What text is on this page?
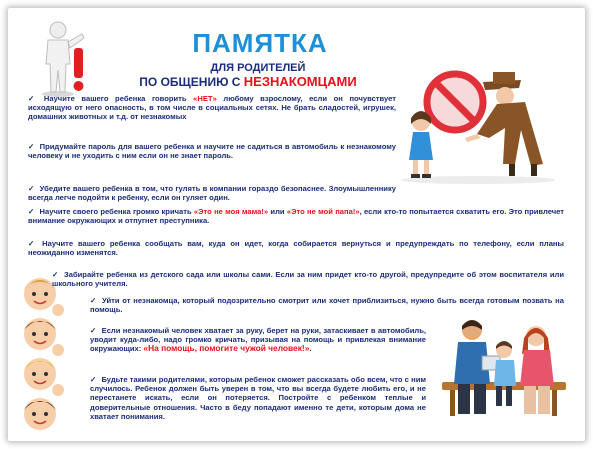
ПАМЯТКА
ДЛЯ РОДИТЕЛЕЙ
ПО ОБЩЕНИЮ С НЕЗНАКОМЦАМИ
✓ Научите вашего ребенка говорить «НЕТ» любому взрослому, если он почувствует исходящую от него опасность, в том числе в социальных сетях. Не брать сладостей, игрушек, домашних животных и т.д. от незнакомых
✓ Придумайте пароль для вашего ребенка и научите не садиться в автомобиль к незнакомому человеку и не уходить с ним если он не знает пароль.
✓ Убедите вашего ребенка в том, что гулять в компании гораздо безопаснее. Злоумышленнику всегда легче подойти к ребенку, если он гуляет один.
✓ Научите своего ребенка громко кричать «Это не моя мама!» или «Это не мой папа!», если кто-то попытается схватить его. Это привлечет внимание окружающих и отпугнет преступника.
✓ Научите вашего ребенка сообщать вам, куда он идет, когда собирается вернуться и предупреждать по телефону, если планы неожиданно изменятся.
✓ Забирайте ребенка из детского сада или школы сами. Если за ним придет кто-то другой, предупредите об этом воспитателя или школьного учителя.
✓ Уйти от незнакомца, который подозрительно смотрит или хочет приблизиться, нужно быть всегда готовым позвать на помощь.
✓ Если незнакомый человек хватает за руку, берет на руки, затаскивает в автомобиль, уводит куда-либо, надо громко кричать, призывая на помощь и привлекая внимание окружающих: «На помощь, помогите чужой человек!».
✓ Будьте такими родителями, которым ребенок сможет рассказать обо всем, что с ним случилось. Ребенок должен быть уверен в том, что вы всегда будете любить его, и не перестанете искать, если он потеряется. Постройте с ребенком теплые и доверительные отношения. Часто в беду попадают именно те дети, которым дома не хватает понимания.
